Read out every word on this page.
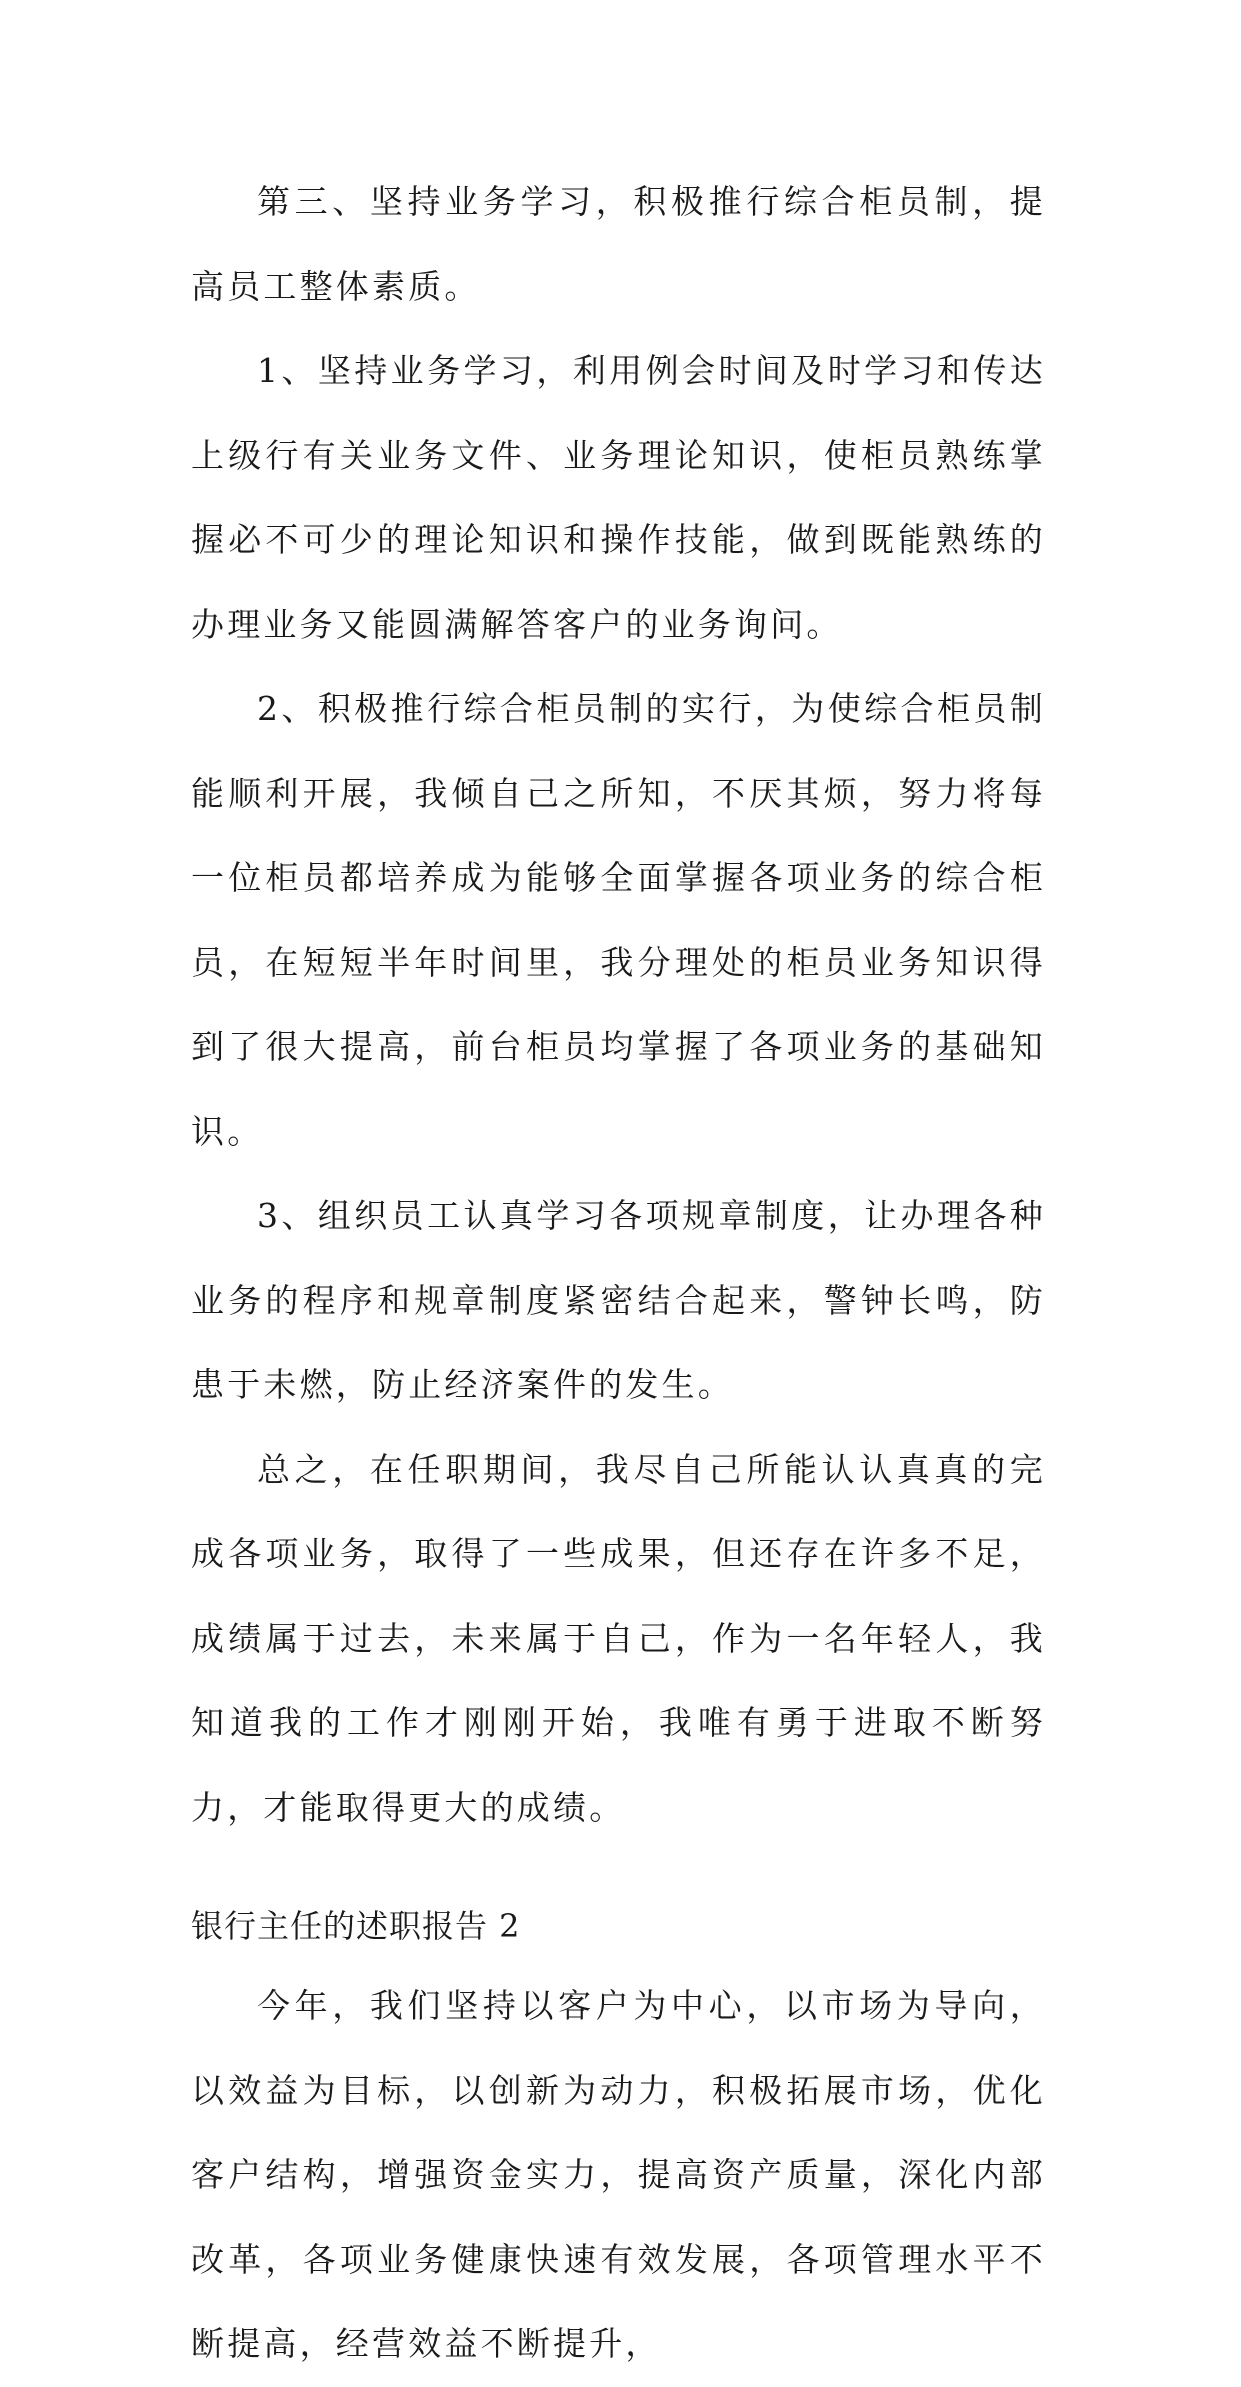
第三、坚持业务学习，积极推行综合柜员制，提高员工整体素质。

1、坚持业务学习，利用例会时间及时学习和传达上级行有关业务文件、业务理论知识，使柜员熟练掌握必不可少的理论知识和操作技能，做到既能熟练的办理业务又能圆满解答客户的业务询问。

2、积极推行综合柜员制的实行，为使综合柜员制能顺利开展，我倾自己之所知，不厌其烦，努力将每一位柜员都培养成为能够全面掌握各项业务的综合柜员，在短短半年时间里，我分理处的柜员业务知识得到了很大提高，前台柜员均掌握了各项业务的基础知识。

3、组织员工认真学习各项规章制度，让办理各种业务的程序和规章制度紧密结合起来，警钟长鸣，防患于未燃，防止经济案件的发生。

总之，在任职期间，我尽自己所能认认真真的完成各项业务，取得了一些成果，但还存在许多不足，成绩属于过去，未来属于自己，作为一名年轻人，我知道我的工作才刚刚开始，我唯有勇于进取不断努力，才能取得更大的成绩。

银行主任的述职报告 2

今年，我们坚持以客户为中心，以市场为导向，以效益为目标，以创新为动力，积极拓展市场，优化客户结构，增强资金实力，提高资产质量，深化内部改革，各项业务健康快速有效发展，各项管理水平不断提高，经营效益不断提升，
